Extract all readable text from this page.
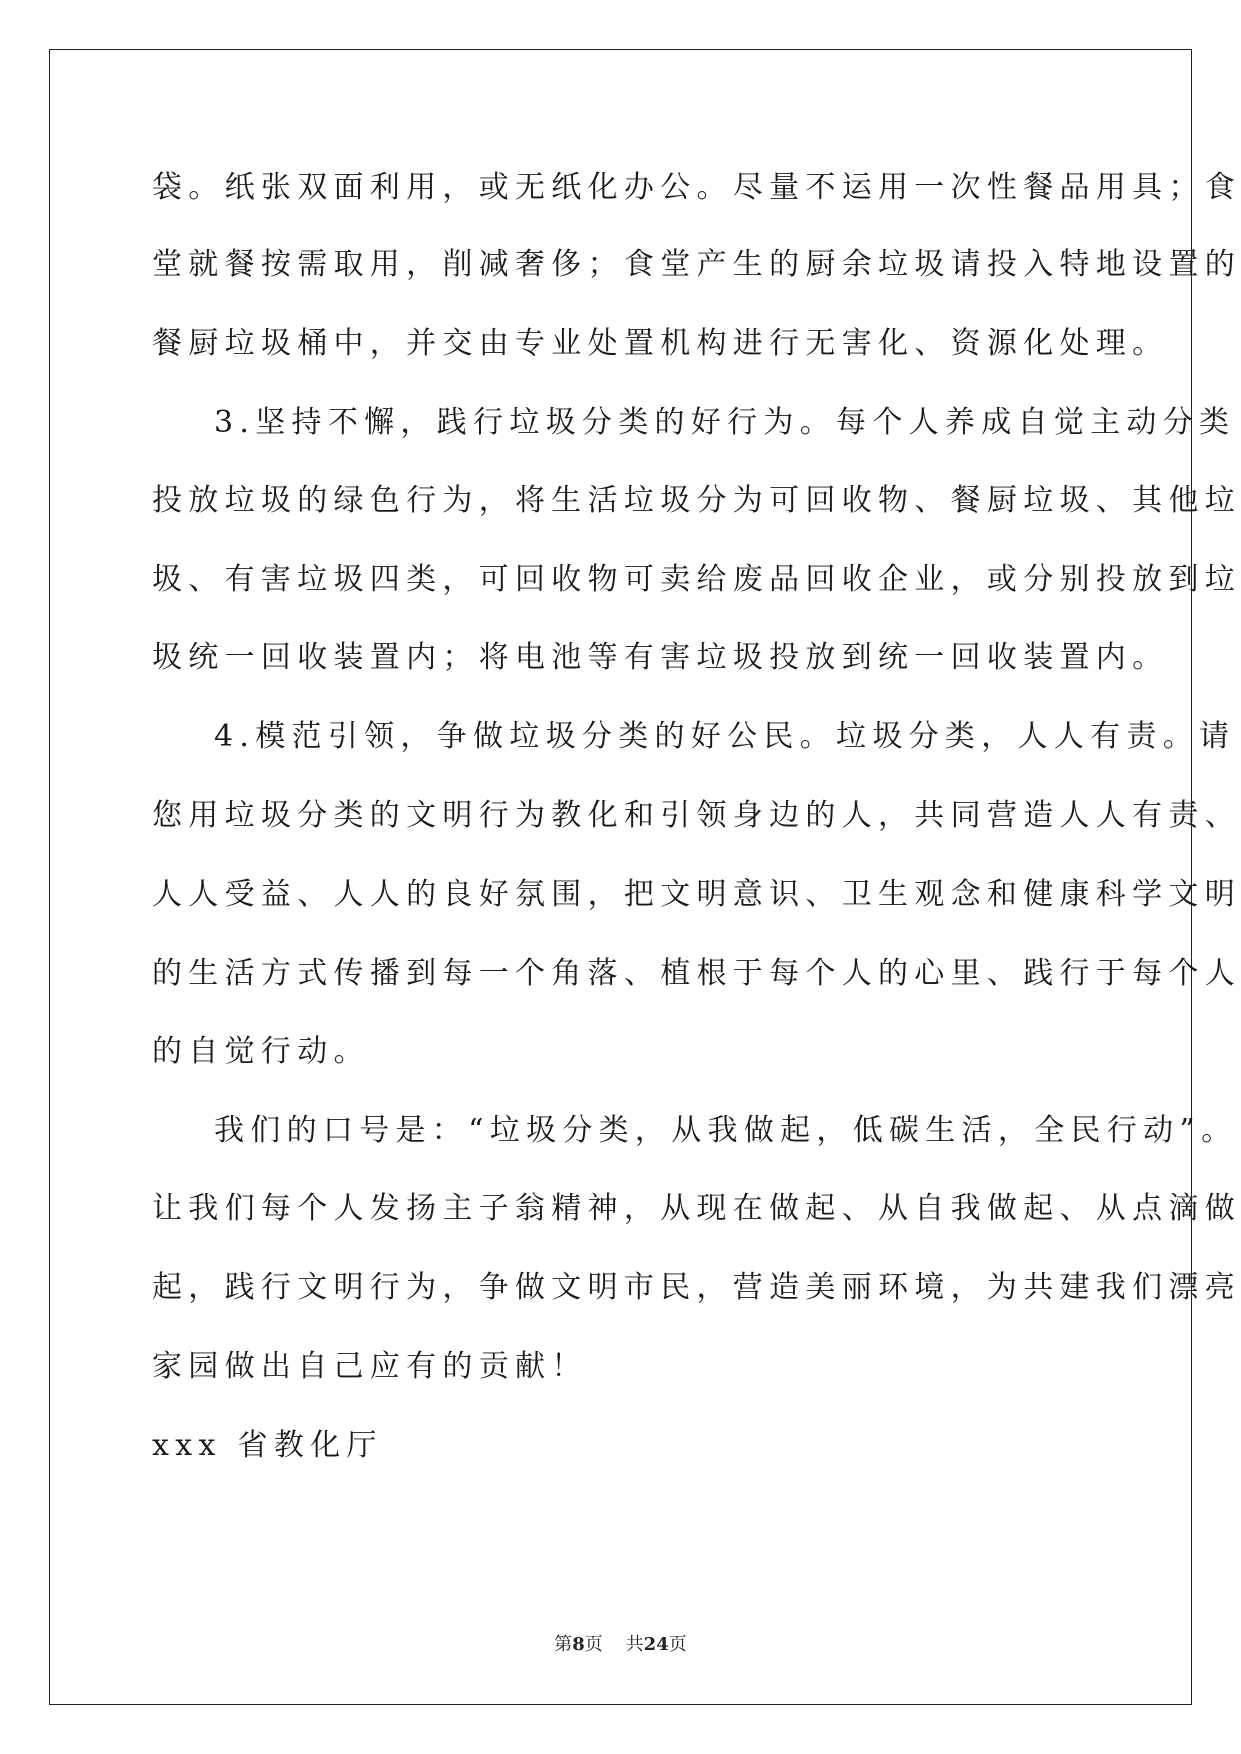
袋。纸张双面利用，或无纸化办公。尽量不运用一次性餐品用具；食
堂就餐按需取用，削减奢侈；食堂产生的厨余垃圾请投入特地设置的
餐厨垃圾桶中，并交由专业处置机构进行无害化、资源化处理。
3.坚持不懈，践行垃圾分类的好行为。每个人养成自觉主动分类
投放垃圾的绿色行为，将生活垃圾分为可回收物、餐厨垃圾、其他垃
圾、有害垃圾四类，可回收物可卖给废品回收企业，或分别投放到垃
圾统一回收装置内；将电池等有害垃圾投放到统一回收装置内。
4.模范引领，争做垃圾分类的好公民。垃圾分类，人人有责。请
您用垃圾分类的文明行为教化和引领身边的人，共同营造人人有责、
人人受益、人人的良好氛围，把文明意识、卫生观念和健康科学文明
的生活方式传播到每一个角落、植根于每个人的心里、践行于每个人
的自觉行动。
我们的口号是：“垃圾分类，从我做起，低碳生活，全民行动”。
让我们每个人发扬主子翁精神，从现在做起、从自我做起、从点滴做
起，践行文明行为，争做文明市民，营造美丽环境，为共建我们漂亮
家园做出自己应有的贡献！
xxx 省教化厅
第8页 共24页
